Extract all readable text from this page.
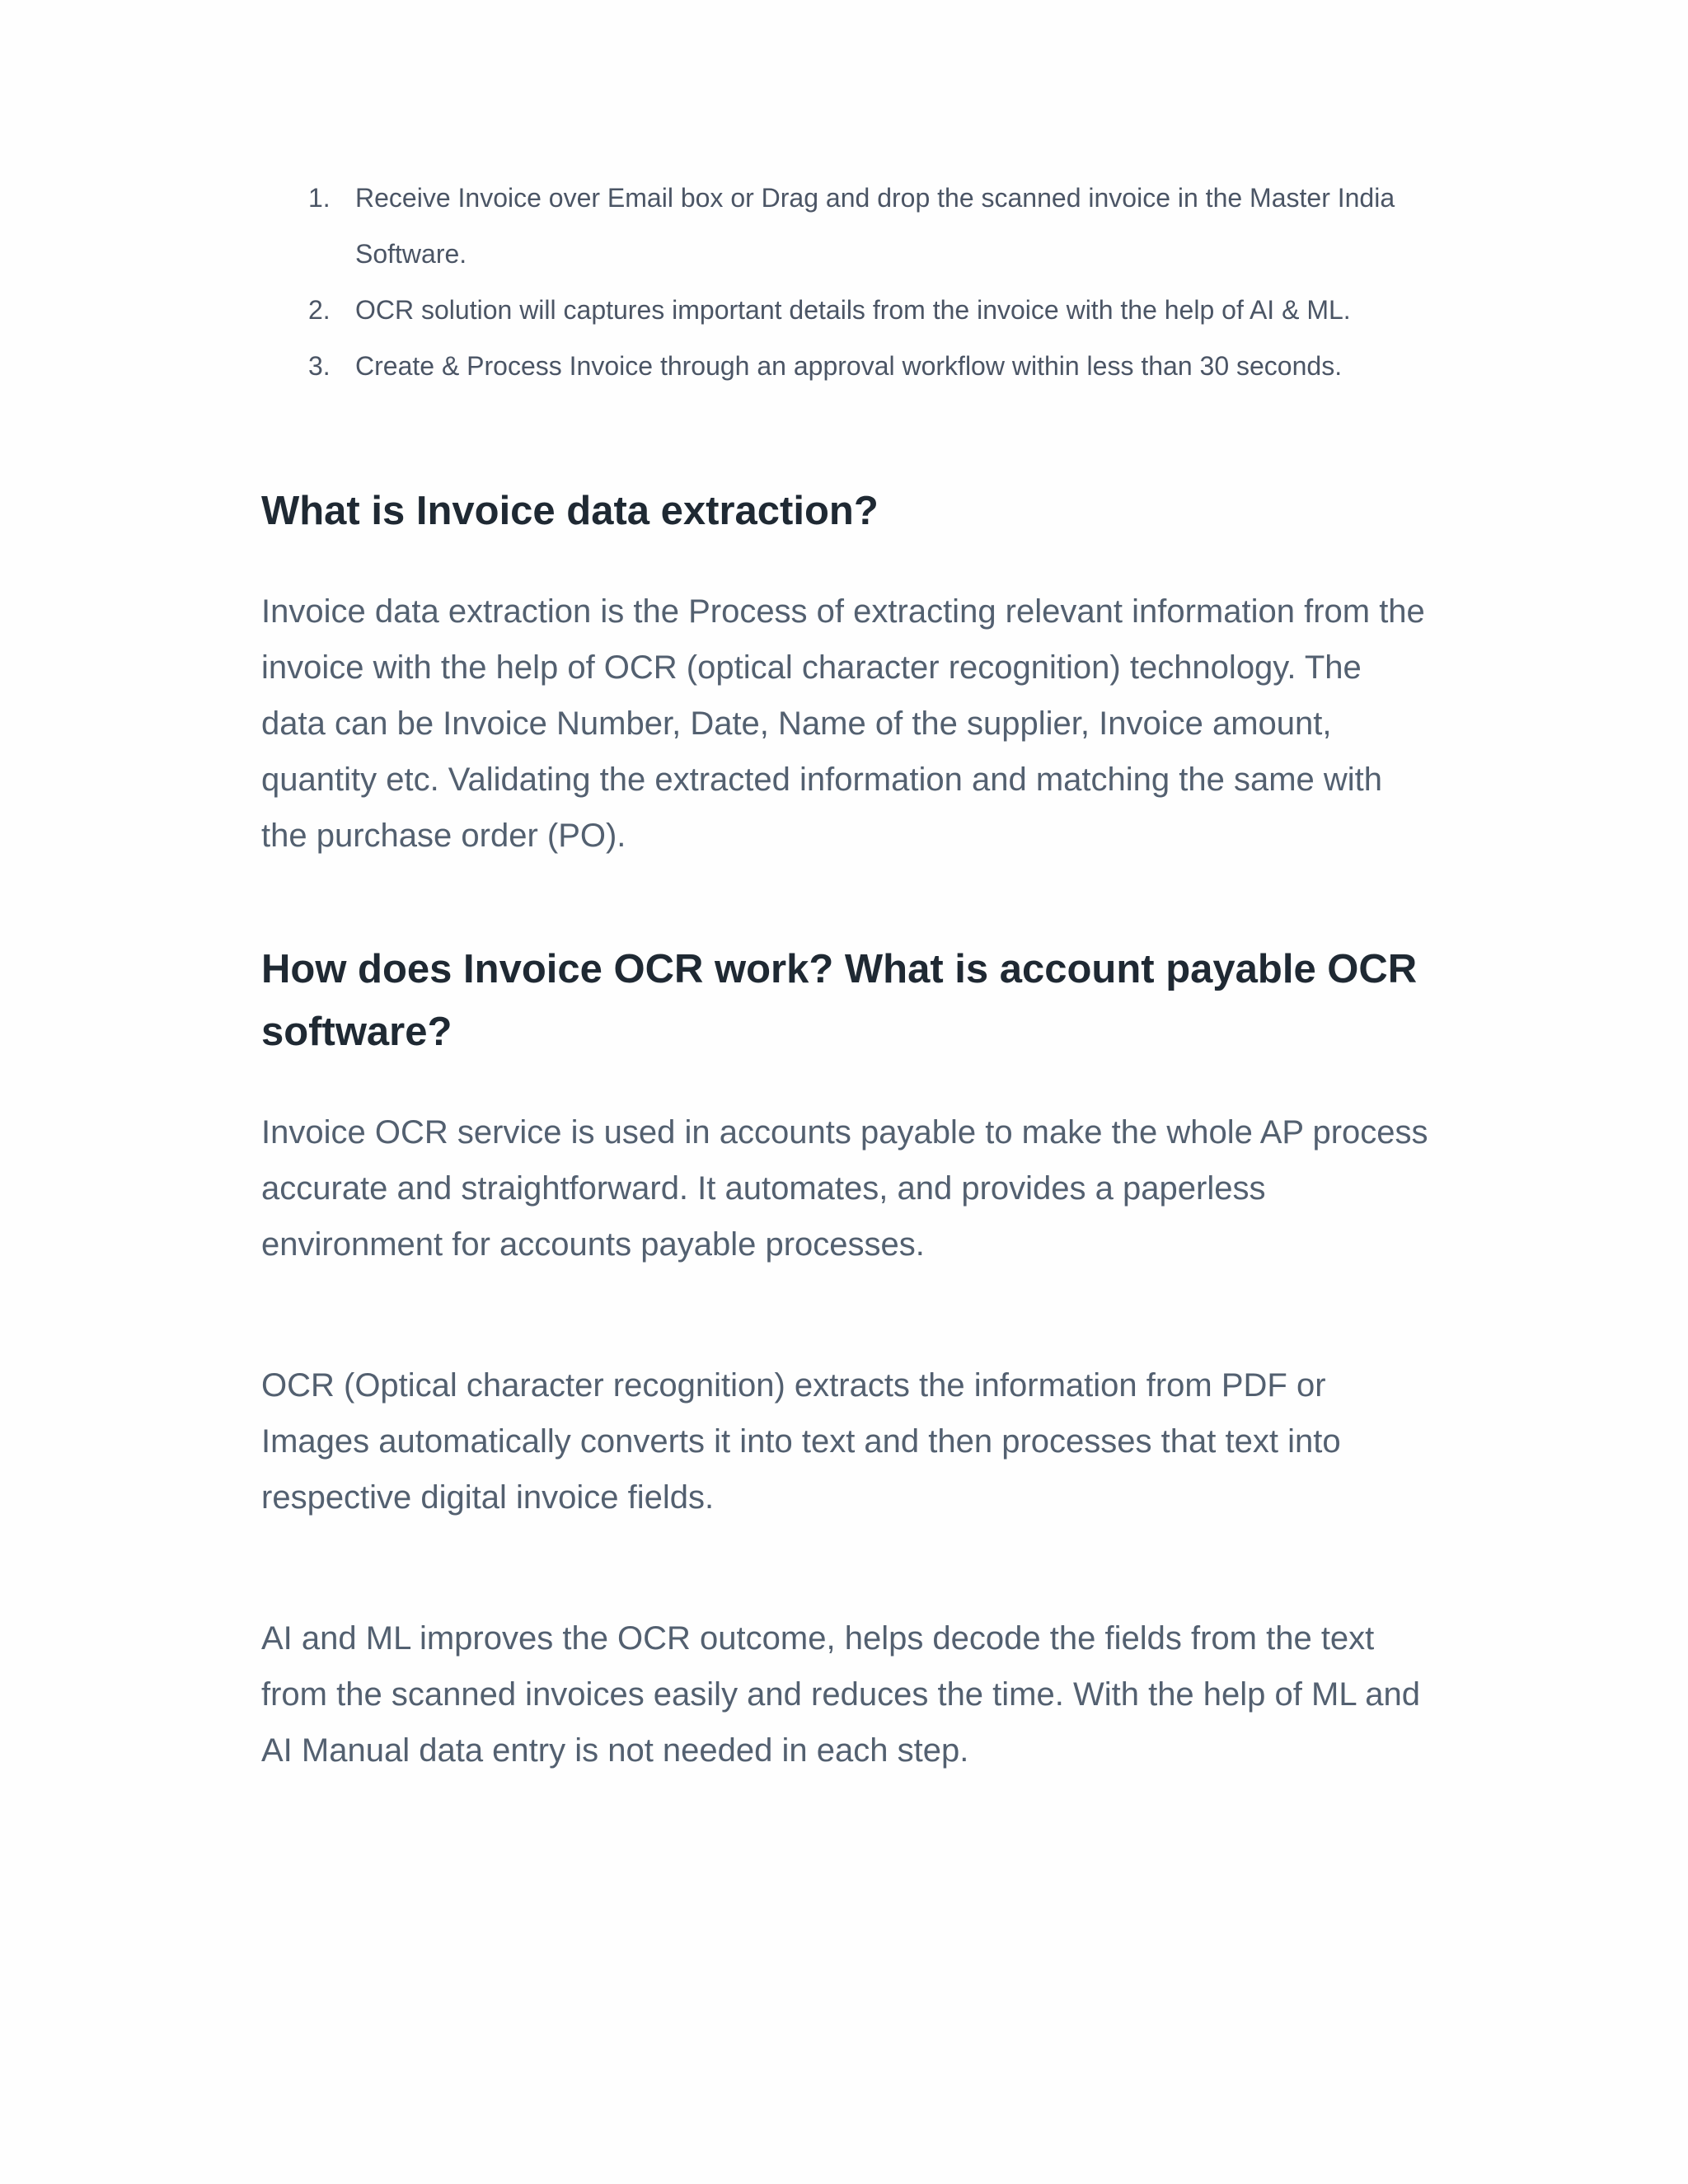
1. Receive Invoice over Email box or Drag and drop the scanned invoice in the Master India Software.
2. OCR solution will captures important details from the invoice with the help of AI & ML.
3. Create & Process Invoice through an approval workflow within less than 30 seconds.
What is Invoice data extraction?

Invoice data extraction is the Process of extracting relevant information from the invoice with the help of OCR (optical character recognition) technology. The data can be Invoice Number, Date, Name of the supplier, Invoice amount, quantity etc. Validating the extracted information and matching the same with the purchase order (PO).

How does Invoice OCR work? What is account payable OCR software?

Invoice OCR service is used in accounts payable to make the whole AP process accurate and straightforward. It automates, and provides a paperless environment for accounts payable processes.

OCR (Optical character recognition) extracts the information from PDF or Images automatically converts it into text and then processes that text into respective digital invoice fields.

AI and ML improves the OCR outcome, helps decode the fields from the text from the scanned invoices easily and reduces the time. With the help of ML and AI Manual data entry is not needed in each step.
